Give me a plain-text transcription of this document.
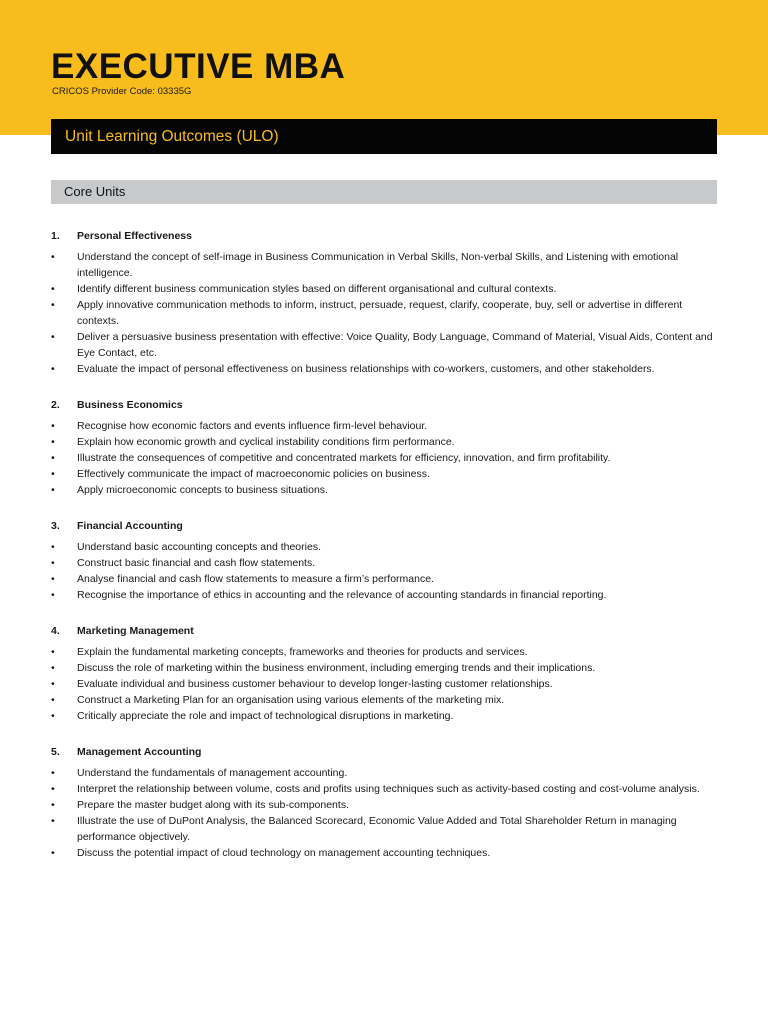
EXECUTIVE MBA
CRICOS Provider Code: 03335G
Unit Learning Outcomes (ULO)
Core Units
1.	Personal Effectiveness
•	Understand the concept of self-image in Business Communication in Verbal Skills, Non-verbal Skills, and Listening with emotional intelligence.
•	Identify different business communication styles based on different organisational and cultural contexts.
•	Apply innovative communication methods to inform, instruct, persuade, request, clarify, cooperate, buy, sell or advertise in different contexts.
•	Deliver a persuasive business presentation with effective: Voice Quality, Body Language, Command of Material, Visual Aids, Content and Eye Contact, etc.
•	Evaluate the impact of personal effectiveness on business relationships with co-workers, customers, and other stakeholders.
2.	Business Economics
•	Recognise how economic factors and events influence firm-level behaviour.
•	Explain how economic growth and cyclical instability conditions firm performance.
•	Illustrate the consequences of competitive and concentrated markets for efficiency, innovation, and firm profitability.
•	Effectively communicate the impact of macroeconomic policies on business.
•	Apply microeconomic concepts to business situations.
3.	Financial Accounting
•	Understand basic accounting concepts and theories.
•	Construct basic financial and cash flow statements.
•	Analyse financial and cash flow statements to measure a firm’s performance.
•	Recognise the importance of ethics in accounting and the relevance of accounting standards in financial reporting.
4.	Marketing Management
•	Explain the fundamental marketing concepts, frameworks and theories for products and services.
•	Discuss the role of marketing within the business environment, including emerging trends and their implications.
•	Evaluate individual and business customer behaviour to develop longer-lasting customer relationships.
•	Construct a Marketing Plan for an organisation using various elements of the marketing mix.
•	Critically appreciate the role and impact of technological disruptions in marketing.
5.	Management Accounting
•	Understand the fundamentals of management accounting.
•	Interpret the relationship between volume, costs and profits using techniques such as activity-based costing and cost-volume analysis.
•	Prepare the master budget along with its sub-components.
•	Illustrate the use of DuPont Analysis, the Balanced Scorecard, Economic Value Added and Total Shareholder Return in managing performance objectively.
•	Discuss the potential impact of cloud technology on management accounting techniques.
